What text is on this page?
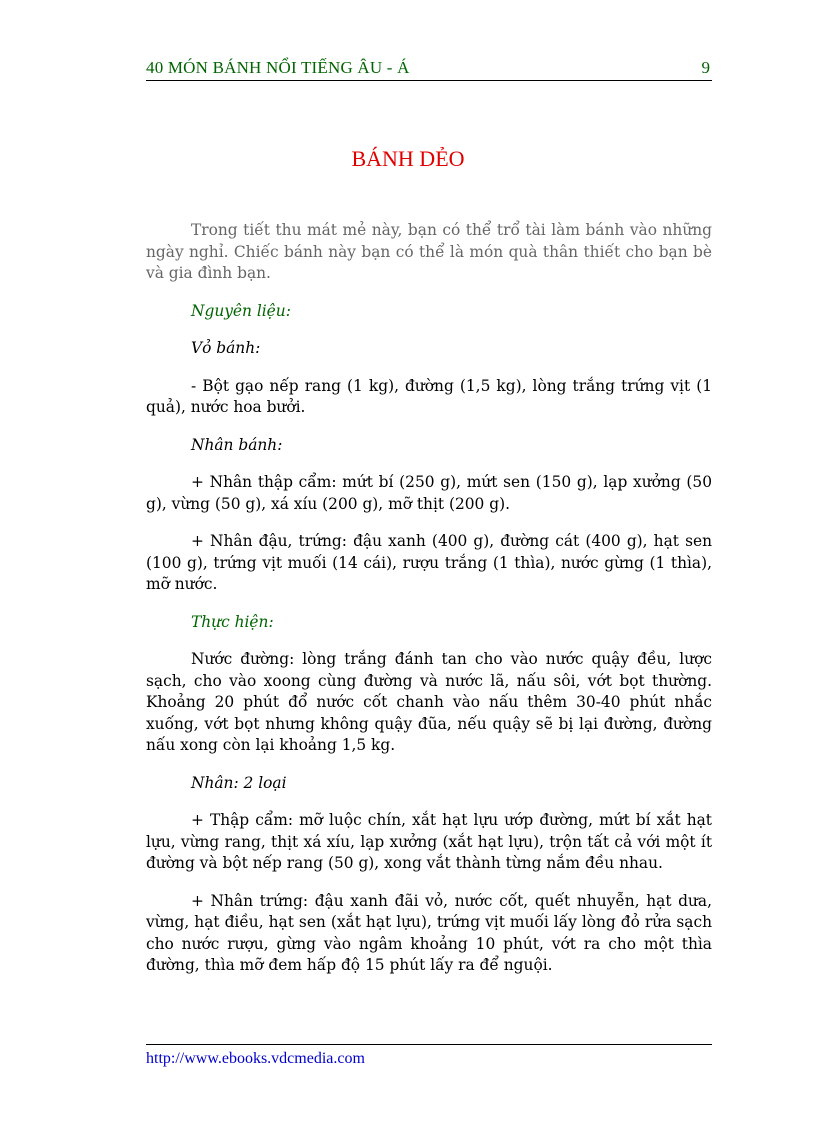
40 MÓN BÁNH NỔI TIẾNG ÂU - Á	9
BÁNH DẺO

Trong tiết thu mát mẻ này, bạn có thể trổ tài làm bánh vào những ngày nghỉ. Chiếc bánh này bạn có thể là món quà thân thiết cho bạn bè và gia đình bạn.

Nguyên liệu:

Vỏ bánh:

- Bột gạo nếp rang (1 kg), đường (1,5 kg), lòng trắng trứng vịt (1 quả), nước hoa bưởi.

Nhân bánh:

+ Nhân thập cẩm: mứt bí (250 g), mứt sen (150 g), lạp xưởng (50 g), vừng (50 g), xá xíu (200 g), mỡ thịt (200 g).

+ Nhân đậu, trứng: đậu xanh (400 g), đường cát (400 g), hạt sen (100 g), trứng vịt muối (14 cái), rượu trắng (1 thìa), nước gừng (1 thìa), mỡ nước.

Thực hiện:

Nước đường: lòng trắng đánh tan cho vào nước quậy đều, lược sạch, cho vào xoong cùng đường và nước lã, nấu sôi, vớt bọt thường. Khoảng 20 phút đổ nước cốt chanh vào nấu thêm 30-40 phút nhắc xuống, vớt bọt nhưng không quậy đũa, nếu quậy sẽ bị lại đường, đường nấu xong còn lại khoảng 1,5 kg.

Nhân: 2 loại

+ Thập cẩm: mỡ luộc chín, xắt hạt lựu ướp đường, mứt bí xắt hạt lựu, vừng rang, thịt xá xíu, lạp xưởng (xắt hạt lựu), trộn tất cả với một ít đường và bột nếp rang (50 g), xong vắt thành từng nắm đều nhau.

+ Nhân trứng: đậu xanh đãi vỏ, nước cốt, quết nhuyễn, hạt dưa, vừng, hạt điều, hạt sen (xắt hạt lựu), trứng vịt muối lấy lòng đỏ rửa sạch cho nước rượu, gừng vào ngâm khoảng 10 phút, vớt ra cho một thìa đường, thìa mỡ đem hấp độ 15 phút lấy ra để nguội.

http://www.ebooks.vdcmedia.com
